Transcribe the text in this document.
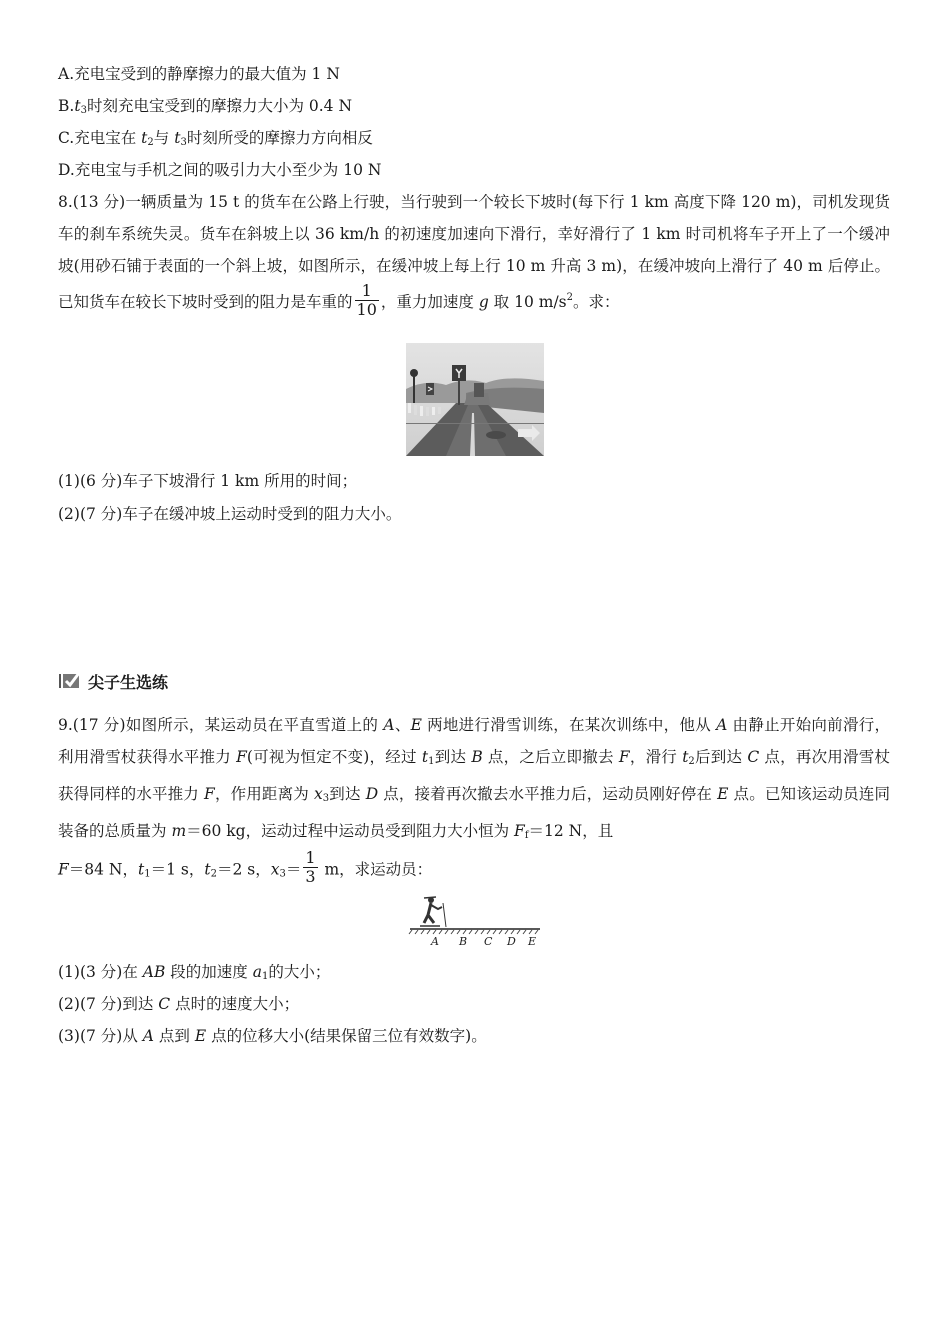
A.充电宝受到的静摩擦力的最大值为 1 N
$B.t_3$时刻充电宝受到的摩擦力大小为 0.4 N
C.充电宝在 $t_2$与 $t_3$时刻所受的摩擦力方向相反
D.充电宝与手机之间的吸引力大小至少为 10 N
8.(13 分)一辆质量为 15 t 的货车在公路上行驶，当行驶到一个较长下坡时(每下行 1 km 高度下降 120 m)，司机发现货车的刹车系统失灵。货车在斜坡上以 36 km/h 的初速度加速向下滑行，幸好滑行了 1 km 时司机将车子开上了一个缓冲坡(用砂石铺于表面的一个斜上坡，如图所示，在缓冲坡上每上行 10 m 升高 3 m)，在缓冲坡向上滑行了 40 m 后停止。已知货车在较长下坡时受到的阻力是车重的 $\frac{1}{10}$ ，重力加速度 g 取 10 $m/s^2$。求：
(1)(6 分)车子下坡滑行 1 km 所用的时间；
(2)(7 分)车子在缓冲坡上运动时受到的阻力大小。
尖子生选练
9.(17 分)如图所示，某运动员在平直雪道上的 A、E 两地进行滑雪训练，在某次训练中，他从 A 由静止开始向前滑行，利用滑雪杖获得水平推力 F(可视为恒定不变)，经过 $t_1$到达 B 点，之后立即撤去 F，滑行 $t_2$后到达 C 点，再次用滑雪杖获得同样的水平推力 F，作用距离为 $x_3$到达 D 点，接着再次撤去水平推力后，运动员刚好停在 E 点。已知该运动员连同装备的总质量为 m＝60 kg，运动过程中运动员受到阻力大小恒为 $F_f=12$ N，且
F＝84 N，$t_1=1$ s，$t_2=2$ s，$x_3= \frac{1}{3}$ m，求运动员：
A B C D E
(1)(3 分)在 AB 段的加速度 $a_1$的大小；
(2)(7 分)到达 C 点时的速度大小；
(3)(7 分)从 A 点到 E 点的位移大小(结果保留三位有效数字)。
